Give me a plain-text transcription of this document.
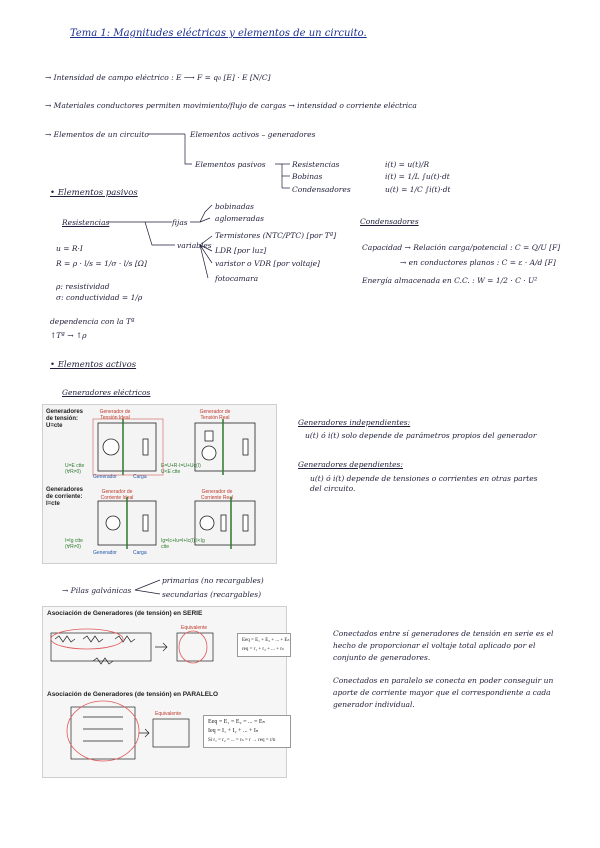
Tema 1: Magnitudes eléctricas y elementos de un circuito.
→ Intensidad de campo eléctrico : E ⟶ F = q₀ [E] · E [N/C]
→ Materiales conductores permiten movimiento/flujo de cargas → intensidad o corriente eléctrica
→ Elementos de un circuito	Elementos activos – generadores
Elementos pasivos	Resistencias	i(t) = u(t)/R
Bobinas	i(t) = 1/L ∫u(t)·dt
Condensadores	u(t) = 1/C ∫i(t)·dt
• Elementos pasivos
Resistencias	fijas
bobinadas
aglomeradas
variables
Termistores (NTC/PTC) [por Tª]
LDR [por luz]
varistor o VDR [por voltaje]
fotocamara
u = R·I
R = ρ · l/s = 1/σ · l/s [Ω]
ρ: resistividad
σ: conductividad = 1/ρ
dependencia con la Tª
↑Tª → ↑ρ
Condensadores
Capacidad → Relación carga/potencial : C = Q/U [F]
→ en conductores planos : C = ε · A/d [F]
Energía almacenada en C.C. : W = 1/2 · C · U²
• Elementos activos
Generadores eléctricos
Generadores de tensión: U=cte
Generadores de corriente: I=cte
Generador de Tensión Ideal
Generador de Tensión Real
Generador de Corriente Ideal
Generador de Corriente Real
U=E ctte (∀R≠0)
E=U+R·I=U+Uc(I) U<E ctte
I=Ig ctte (∀R≠0)
Ig=Ic+Iu=I+Ic(I) I<Ig ctte
Generador	Carga
Generador	Carga
Generadores independientes:
u(t) ó i(t) solo depende de parámetros propios del generador
Generadores dependientes:
u(t) ó i(t) depende de tensiones o corrientes en otras partes
del circuito.
→ Pilas galvánicas
primarias (no recargables)
secundarias (recargables)
Asociación de Generadores (de tensión) en SERIE
Asociación de Generadores (de tensión) en PARALELO
Equivalente
Equivalente
Eeq = E₁ + E₂ + ... + Eₙ
req = r₁ + r₂ + ... + rₙ
Eeq = E₁ = E₂ = ... = Eₙ
Ieq = I₁ + I₂ + ... + Iₙ
Si r₁ = r₂ = ... = rₙ = r → req = r/n
Conectados entre sí generadores de tensión en serie es el
hecho de proporcionar el voltaje total aplicado por el
conjunto de generadores.
Conectados en paralelo se conecta en poder conseguir un
aporte de corriente mayor que el correspondiente a cada
generador individual.
